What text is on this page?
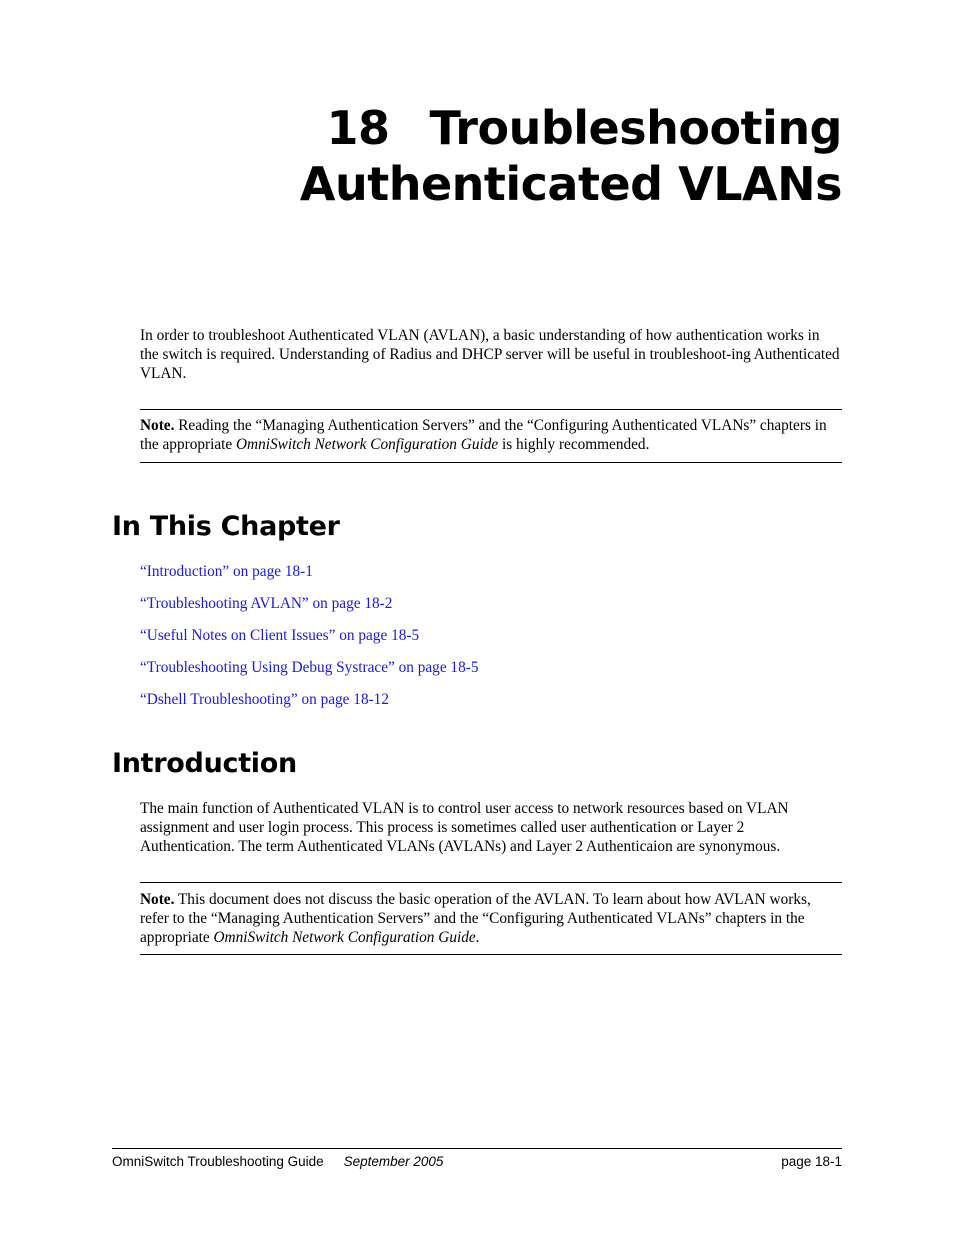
18 Troubleshooting
Authenticated VLANs

In order to troubleshoot Authenticated VLAN (AVLAN), a basic understanding of how authentication works in the switch is required. Understanding of Radius and DHCP server will be useful in troubleshoot-ing Authenticated VLAN.

Note. Reading the “Managing Authentication Servers” and the “Configuring Authenticated VLANs” chapters in the appropriate OmniSwitch Network Configuration Guide is highly recommended.

In This Chapter
“Introduction” on page 18-1
“Troubleshooting AVLAN” on page 18-2
“Useful Notes on Client Issues” on page 18-5
“Troubleshooting Using Debug Systrace” on page 18-5
“Dshell Troubleshooting” on page 18-12
Introduction

The main function of Authenticated VLAN is to control user access to network resources based on VLAN assignment and user login process. This process is sometimes called user authentication or Layer 2 Authentication. The term Authenticated VLANs (AVLANs) and Layer 2 Authenticaion are synonymous.

Note. This document does not discuss the basic operation of the AVLAN. To learn about how AVLAN works, refer to the “Managing Authentication Servers” and the “Configuring Authenticated VLANs” chapters in the appropriate OmniSwitch Network Configuration Guide.

OmniSwitch Troubleshooting Guide September 2005	page 18-1
